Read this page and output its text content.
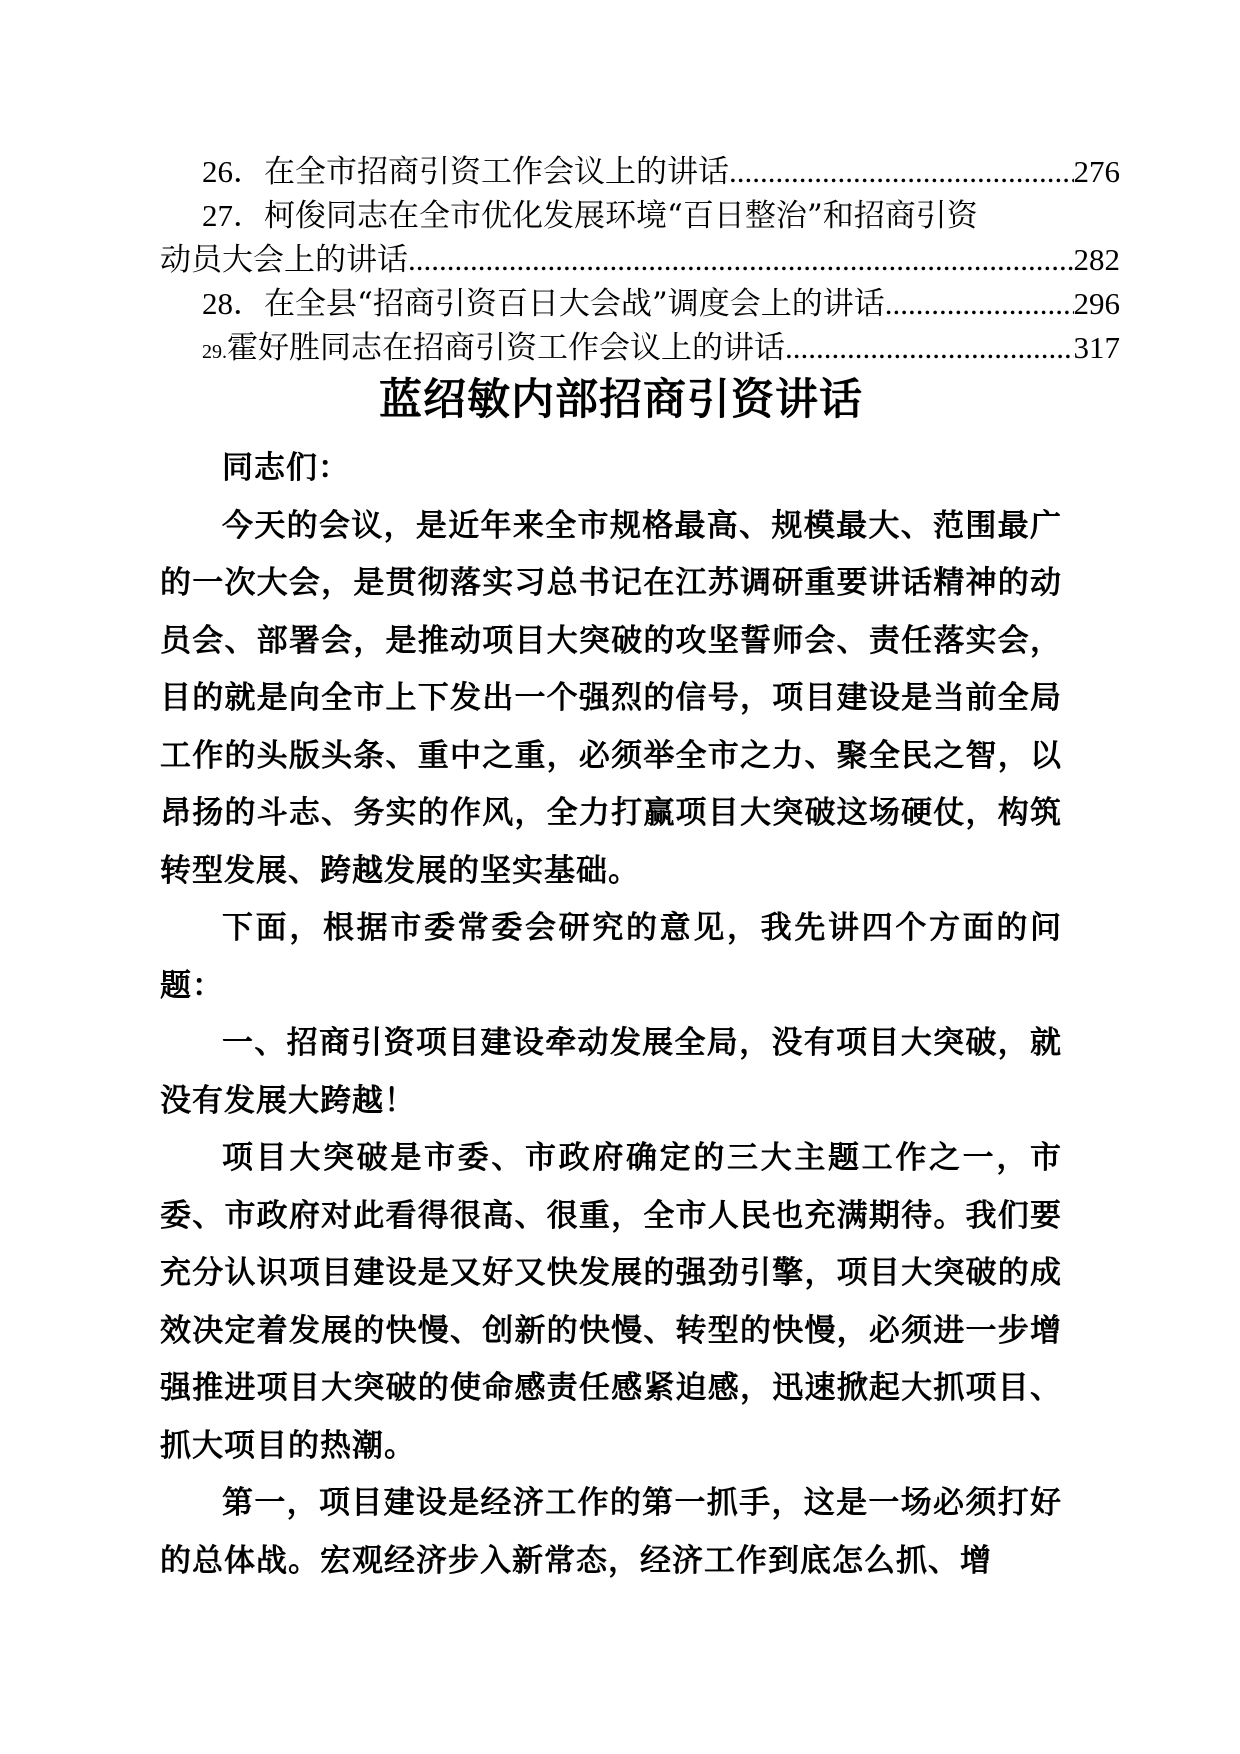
26． 在全市招商引资工作会议上的讲话 .....	276
27． 柯俊同志在全市优化发展环境“百日整治”和招商引资
动员大会上的讲话 .....	282
28． 在全县“招商引资百日大会战”调度会上的讲话 .....	296
29. 霍好胜同志在招商引资工作会议上的讲话 .....	317
蓝绍敏内部招商引资讲话

同志们：

今天的会议，是近年来全市规格最高、规模最大、范围最广的一次大会，是贯彻落实习总书记在江苏调研重要讲话精神的动员会、部署会，是推动项目大突破的攻坚誓师会、责任落实会，目的就是向全市上下发出一个强烈的信号，项目建设是当前全局工作的头版头条、重中之重，必须举全市之力、聚全民之智，以昂扬的斗志、务实的作风，全力打赢项目大突破这场硬仗，构筑转型发展、跨越发展的坚实基础。

下面，根据市委常委会研究的意见，我先讲四个方面的问题：

一、招商引资项目建设牵动发展全局，没有项目大突破，就没有发展大跨越！

项目大突破是市委、市政府确定的三大主题工作之一，市委、市政府对此看得很高、很重，全市人民也充满期待。我们要充分认识项目建设是又好又快发展的强劲引擎，项目大突破的成效决定着发展的快慢、创新的快慢、转型的快慢，必须进一步增强推进项目大突破的使命感责任感紧迫感，迅速掀起大抓项目、抓大项目的热潮。

第一，项目建设是经济工作的第一抓手，这是一场必须打好的总体战。宏观经济步入新常态，经济工作到底怎么抓、增
